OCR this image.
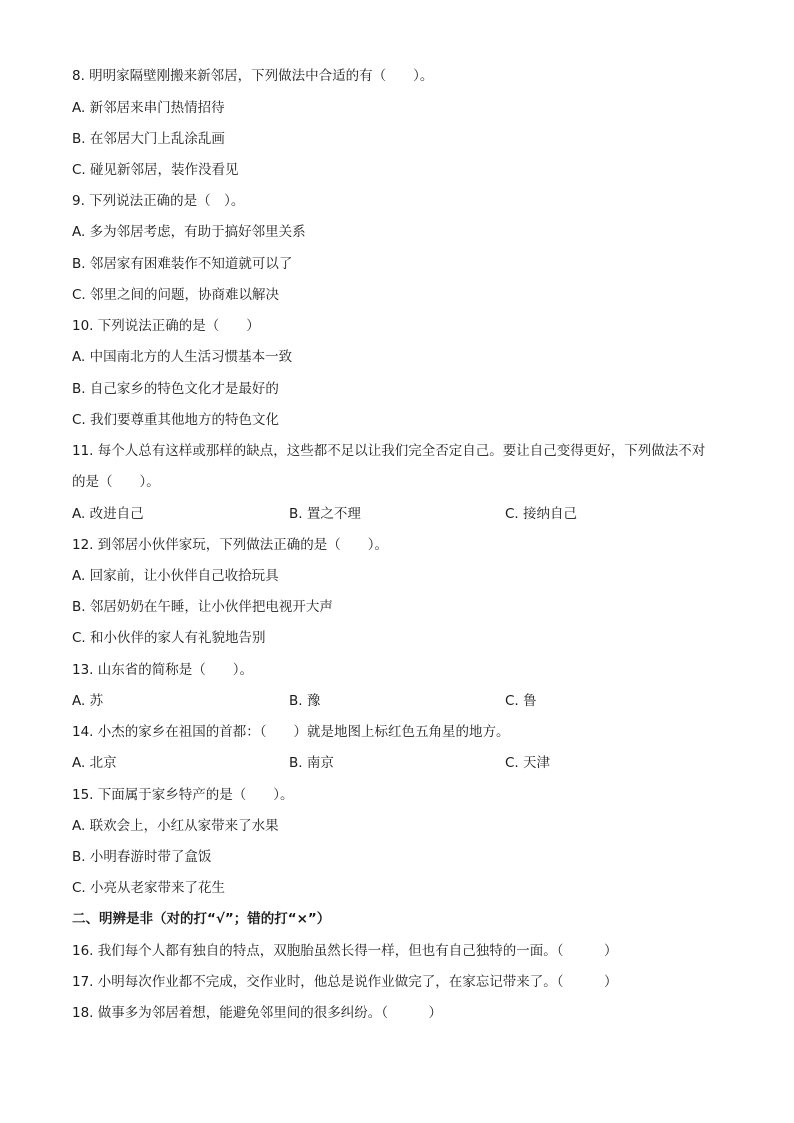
8. 明明家隔壁刚搬来新邻居，下列做法中合适的有（　　）。
A. 新邻居来串门热情招待
B. 在邻居大门上乱涂乱画
C. 碰见新邻居，装作没看见
9. 下列说法正确的是（　）。
A. 多为邻居考虑，有助于搞好邻里关系
B. 邻居家有困难装作不知道就可以了
C. 邻里之间的问题，协商难以解决
10. 下列说法正确的是（　　）
A. 中国南北方的人生活习惯基本一致
B. 自己家乡的特色文化才是最好的
C. 我们要尊重其他地方的特色文化
11. 每个人总有这样或那样的缺点，这些都不足以让我们完全否定自己。要让自己变得更好，下列做法不对
的是（　　）。
A. 改进自己	B. 置之不理	C. 接纳自己
12. 到邻居小伙伴家玩，下列做法正确的是（　　）。
A. 回家前，让小伙伴自己收拾玩具
B. 邻居奶奶在午睡，让小伙伴把电视开大声
C. 和小伙伴的家人有礼貌地告别
13. 山东省的简称是（　　）。
A. 苏	B. 豫	C. 鲁
14. 小杰的家乡在祖国的首都：（　　）就是地图上标红色五角星的地方。
A. 北京	B. 南京	C. 天津
15. 下面属于家乡特产的是（　　）。
A. 联欢会上，小红从家带来了水果
B. 小明春游时带了盒饭
C. 小亮从老家带来了花生
二、明辨是非（对的打“√”；错的打“×”）
16. 我们每个人都有独自的特点，双胞胎虽然长得一样，但也有自己独特的一面。（　　　）
17. 小明每次作业都不完成，交作业时，他总是说作业做完了，在家忘记带来了。（　　　）
18. 做事多为邻居着想，能避免邻里间的很多纠纷。（　　　）
